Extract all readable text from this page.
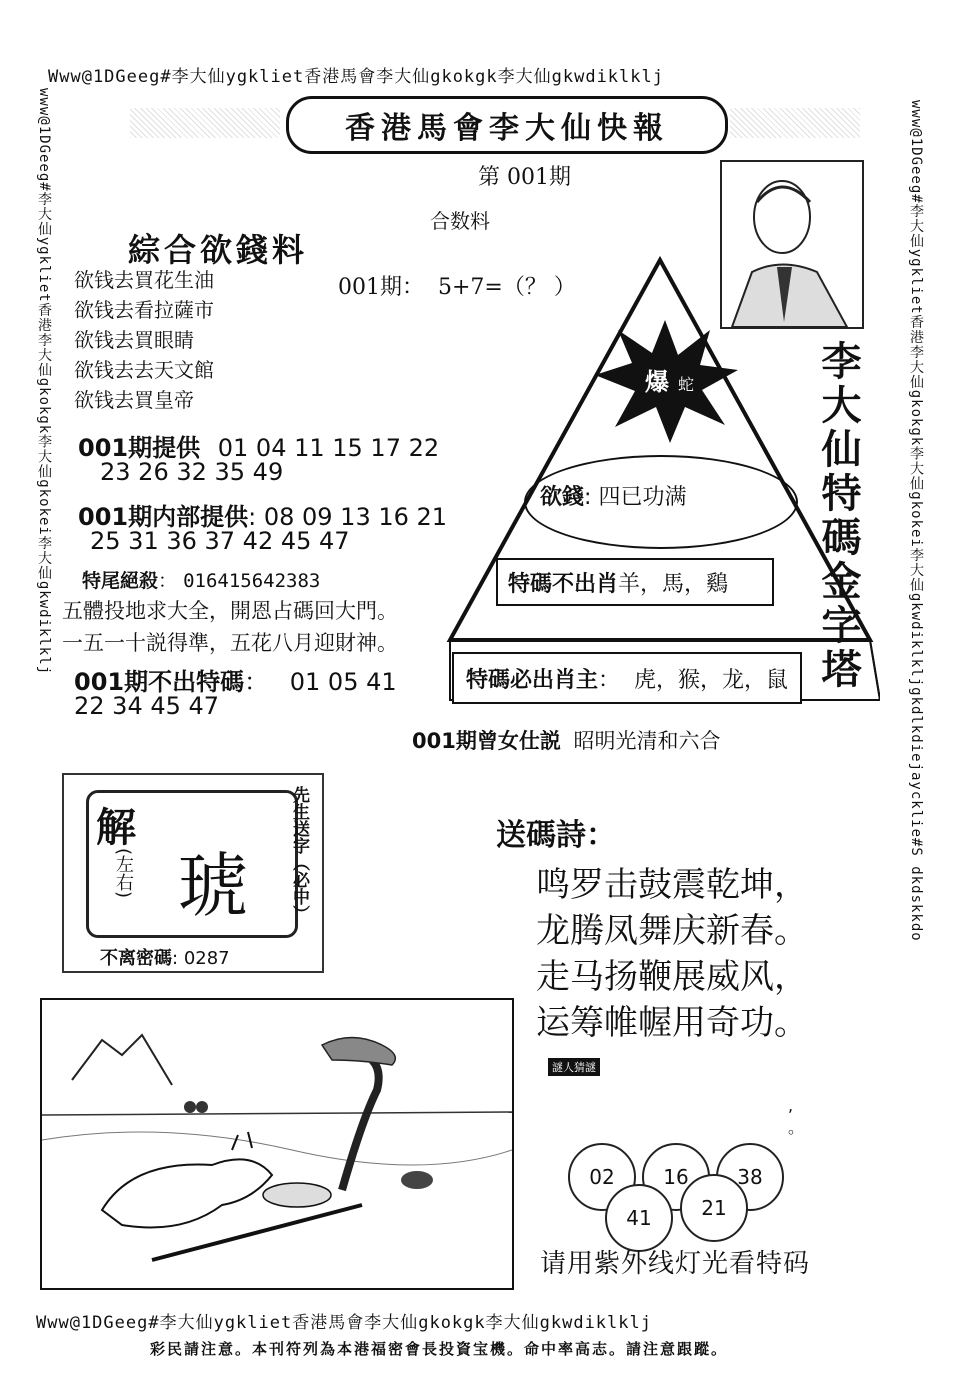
Www@1DGeeg#李大仙ygkliet香港馬會李大仙gkokgk李大仙gkwdiklklj
www@1DGeeg#李大仙ygkliet香港李大仙gkokgk李大仙gkokei李大仙gkwdiklklj	www@1DGeeg#李大仙ygkliet香港李大仙gkokgk李大仙gkokei李大仙gkwdiklkljgkdlkdiejaycklie#S dkdskkdo
Www@1DGeeg#李大仙ygkliet香港馬會李大仙gkokgk李大仙gkwdiklklj
彩民請注意。本刊符列為本港福密會長投資宝機。命中率高志。請注意跟蹤。
香港馬會李大仙快報
第 001期
合数料
綜合欲錢料
欲钱去買花生油
欲钱去看拉薩市
欲钱去買眼睛
欲钱去去天文館
欲钱去買皇帝
001期：  5+7=（？ ）
001期提供 01 04 11 15 17 22
23 26 32 35 49
001期内部提供: 08 09 13 16 21
25 31 36 37 42 45 47
特尾絕殺： 016415642383
五體投地求大全，開恩占碼回大門。
一五一十説得準，五花八月迎財神。
001期不出特碼： 01 05 41
22 34 45 47
爆 蛇
欲錢: 四已功满
特碼不出肖 羊，馬，鷄
特碼必出肖主 ： 虎，猴，龙，鼠 李大仙特碼金字塔
001期曾女仕説 昭明光清和六合
解
(左右) 琥 先生送字（必中）
不离密碼: 0287
送碼詩：
鸣罗击鼓震乾坤，
龙腾凤舞庆新春。
走马扬鞭展威风，
运筹帷幄用奇功。
謎人猜謎
,
。
02	16	38
41	21
请用紫外线灯光看特码
